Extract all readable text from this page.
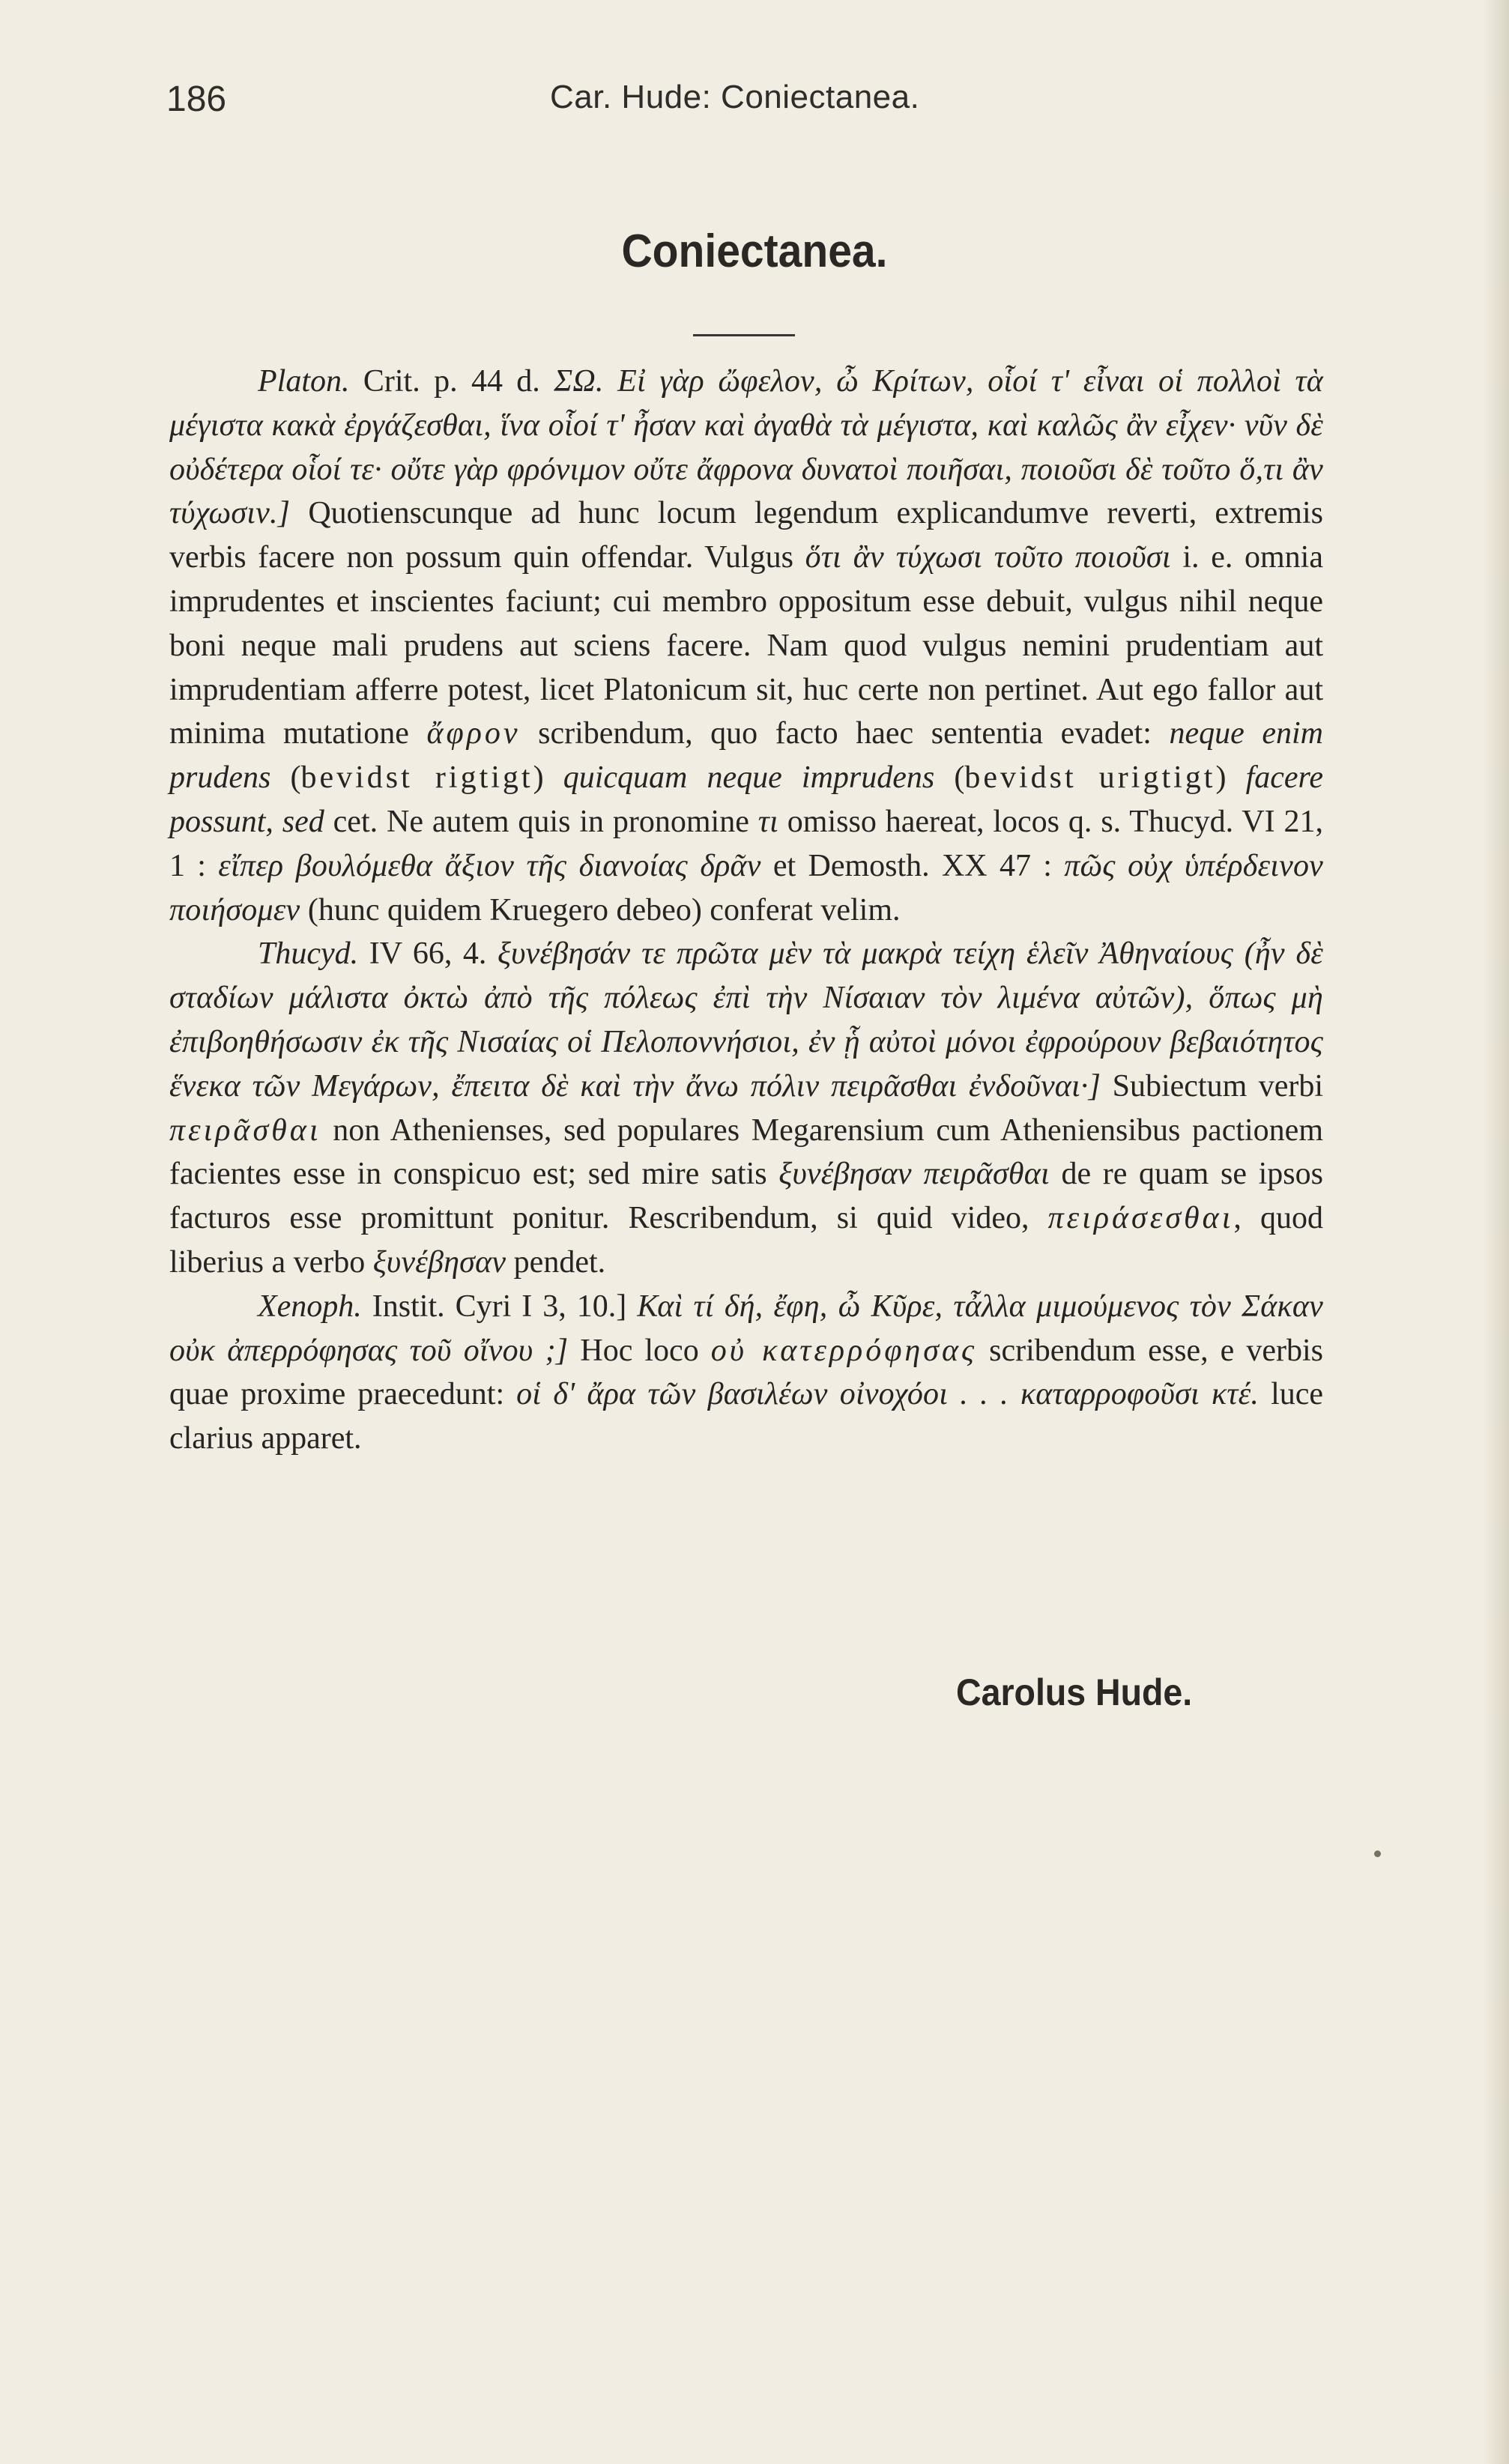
186	Car. Hude: Coniectanea.
Coniectanea.

Platon. Crit. p. 44 d. ΣΩ. Εἰ γὰρ ὤφελον, ὦ Κρίτων, οἷοί τ' εἶναι οἱ πολλοὶ τὰ μέγιστα κακὰ ἐργάζεσθαι, ἵνα οἷοί τ' ἦσαν καὶ ἀγαθὰ τὰ μέγιστα, καὶ καλῶς ἂν εἶχεν· νῦν δὲ οὐδέτερα οἷοί τε· οὔτε γὰρ φρόνιμον οὔτε ἄφρονα δυνατοὶ ποιῆσαι, ποιοῦσι δὲ τοῦτο ὅ,τι ἂν τύχωσιν.] Quotienscunque ad hunc locum legendum explicandumve reverti, extremis verbis facere non possum quin offendar. Vulgus ὅτι ἂν τύχωσι τοῦτο ποιοῦσι i. e. omnia imprudentes et inscientes faciunt; cui membro oppositum esse debuit, vulgus nihil neque boni neque mali prudens aut sciens facere. Nam quod vulgus nemini prudentiam aut imprudentiam afferre potest, licet Platonicum sit, huc certe non pertinet. Aut ego fallor aut minima mutatione ἄφρον scribendum, quo facto haec sententia evadet: neque enim prudens (bevidst rigtigt) quicquam neque imprudens (bevidst urigtigt) facere possunt, sed cet. Ne autem quis in pronomine τι omisso haereat, locos q. s. Thucyd. VI 21, 1 : εἴπερ βουλόμεθα ἄξιον τῆς διανοίας δρᾶν et Demosth. XX 47 : πῶς οὐχ ὑπέρδεινον ποιήσομεν (hunc quidem Kruegero debeo) conferat velim.

Thucyd. IV 66, 4. ξυνέβησάν τε πρῶτα μὲν τὰ μακρὰ τείχη ἑλεῖν Ἀθηναίους (ἦν δὲ σταδίων μάλιστα ὀκτὼ ἀπὸ τῆς πόλεως ἐπὶ τὴν Νίσαιαν τὸν λιμένα αὐτῶν), ὅπως μὴ ἐπιβοηθήσωσιν ἐκ τῆς Νισαίας οἱ Πελοποννήσιοι, ἐν ᾗ αὐτοὶ μόνοι ἐφρούρουν βεβαιότητος ἕνεκα τῶν Μεγάρων, ἔπειτα δὲ καὶ τὴν ἄνω πόλιν πειρᾶσθαι ἐνδοῦναι·] Subiectum verbi πειρᾶσθαι non Athenienses, sed populares Megarensium cum Atheniensibus pactionem facientes esse in conspicuo est; sed mire satis ξυνέβησαν πειρᾶσθαι de re quam se ipsos facturos esse promittunt ponitur. Rescribendum, si quid video, πειράσεσθαι, quod liberius a verbo ξυνέβησαν pendet.

Xenoph. Instit. Cyri I 3, 10.] Καὶ τί δή, ἔφη, ὦ Κῦρε, τἆλλα μιμούμενος τὸν Σάκαν οὐκ ἀπερρόφησας τοῦ οἴνου ;] Hoc loco οὐ κατερρόφησας scribendum esse, e verbis quae proxime praecedunt: οἱ δ' ἄρα τῶν βασιλέων οἰνοχόοι . . . καταρροφοῦσι κτέ. luce clarius apparet.

Carolus Hude.
